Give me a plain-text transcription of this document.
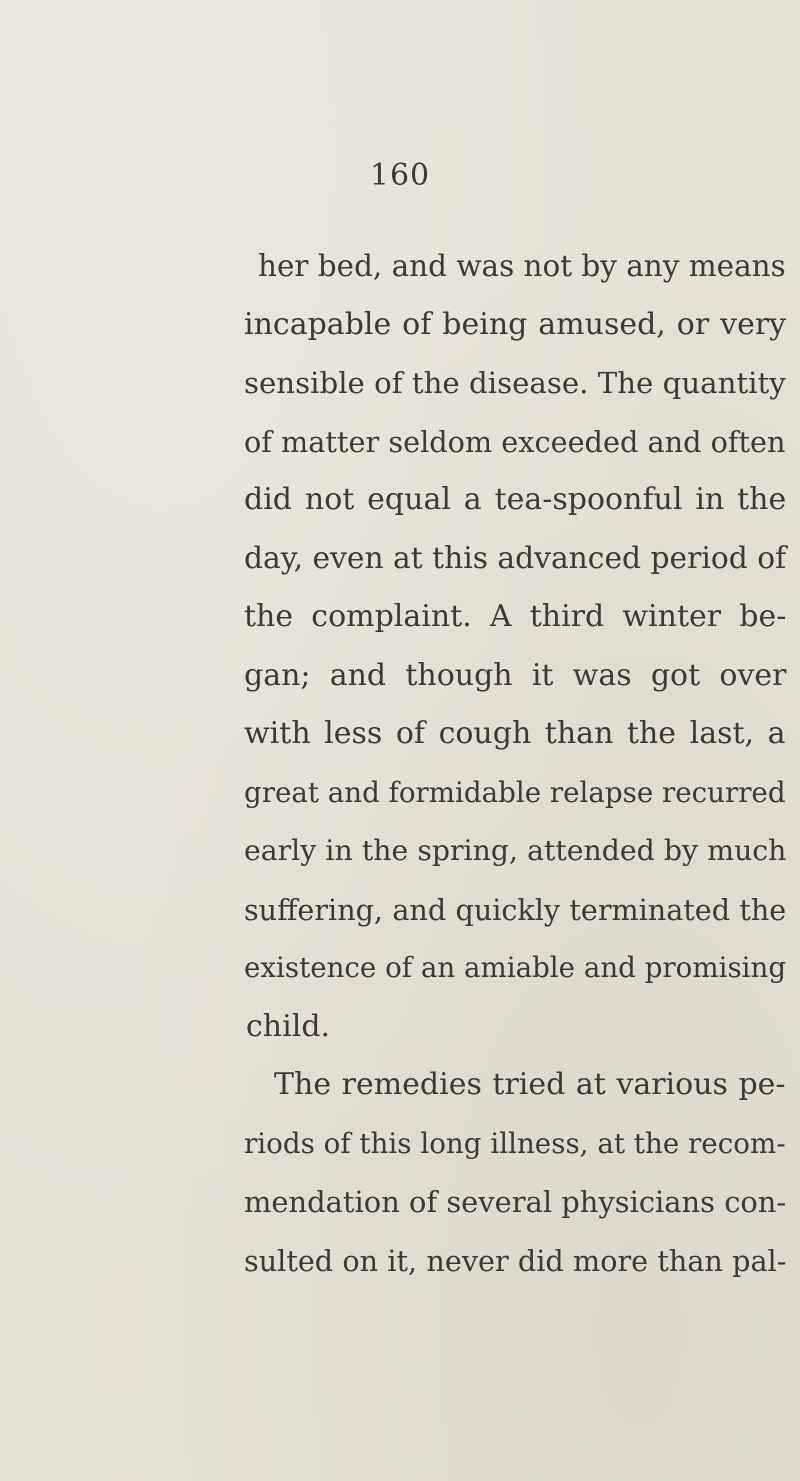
160
her bed, and was not by any means
incapable of being amused, or very
sensible of the disease. The quantity
of matter seldom exceeded and often
did not equal a tea-spoonful in the
day, even at this advanced period of
the complaint. A third winter be-
gan; and though it was got over
with less of cough than the last, a
great and formidable relapse recurred
early in the spring, attended by much
suffering, and quickly terminated the
existence of an amiable and promising
child.
The remedies tried at various pe-
riods of this long illness, at the recom-
mendation of several physicians con-
sulted on it, never did more than pal-
